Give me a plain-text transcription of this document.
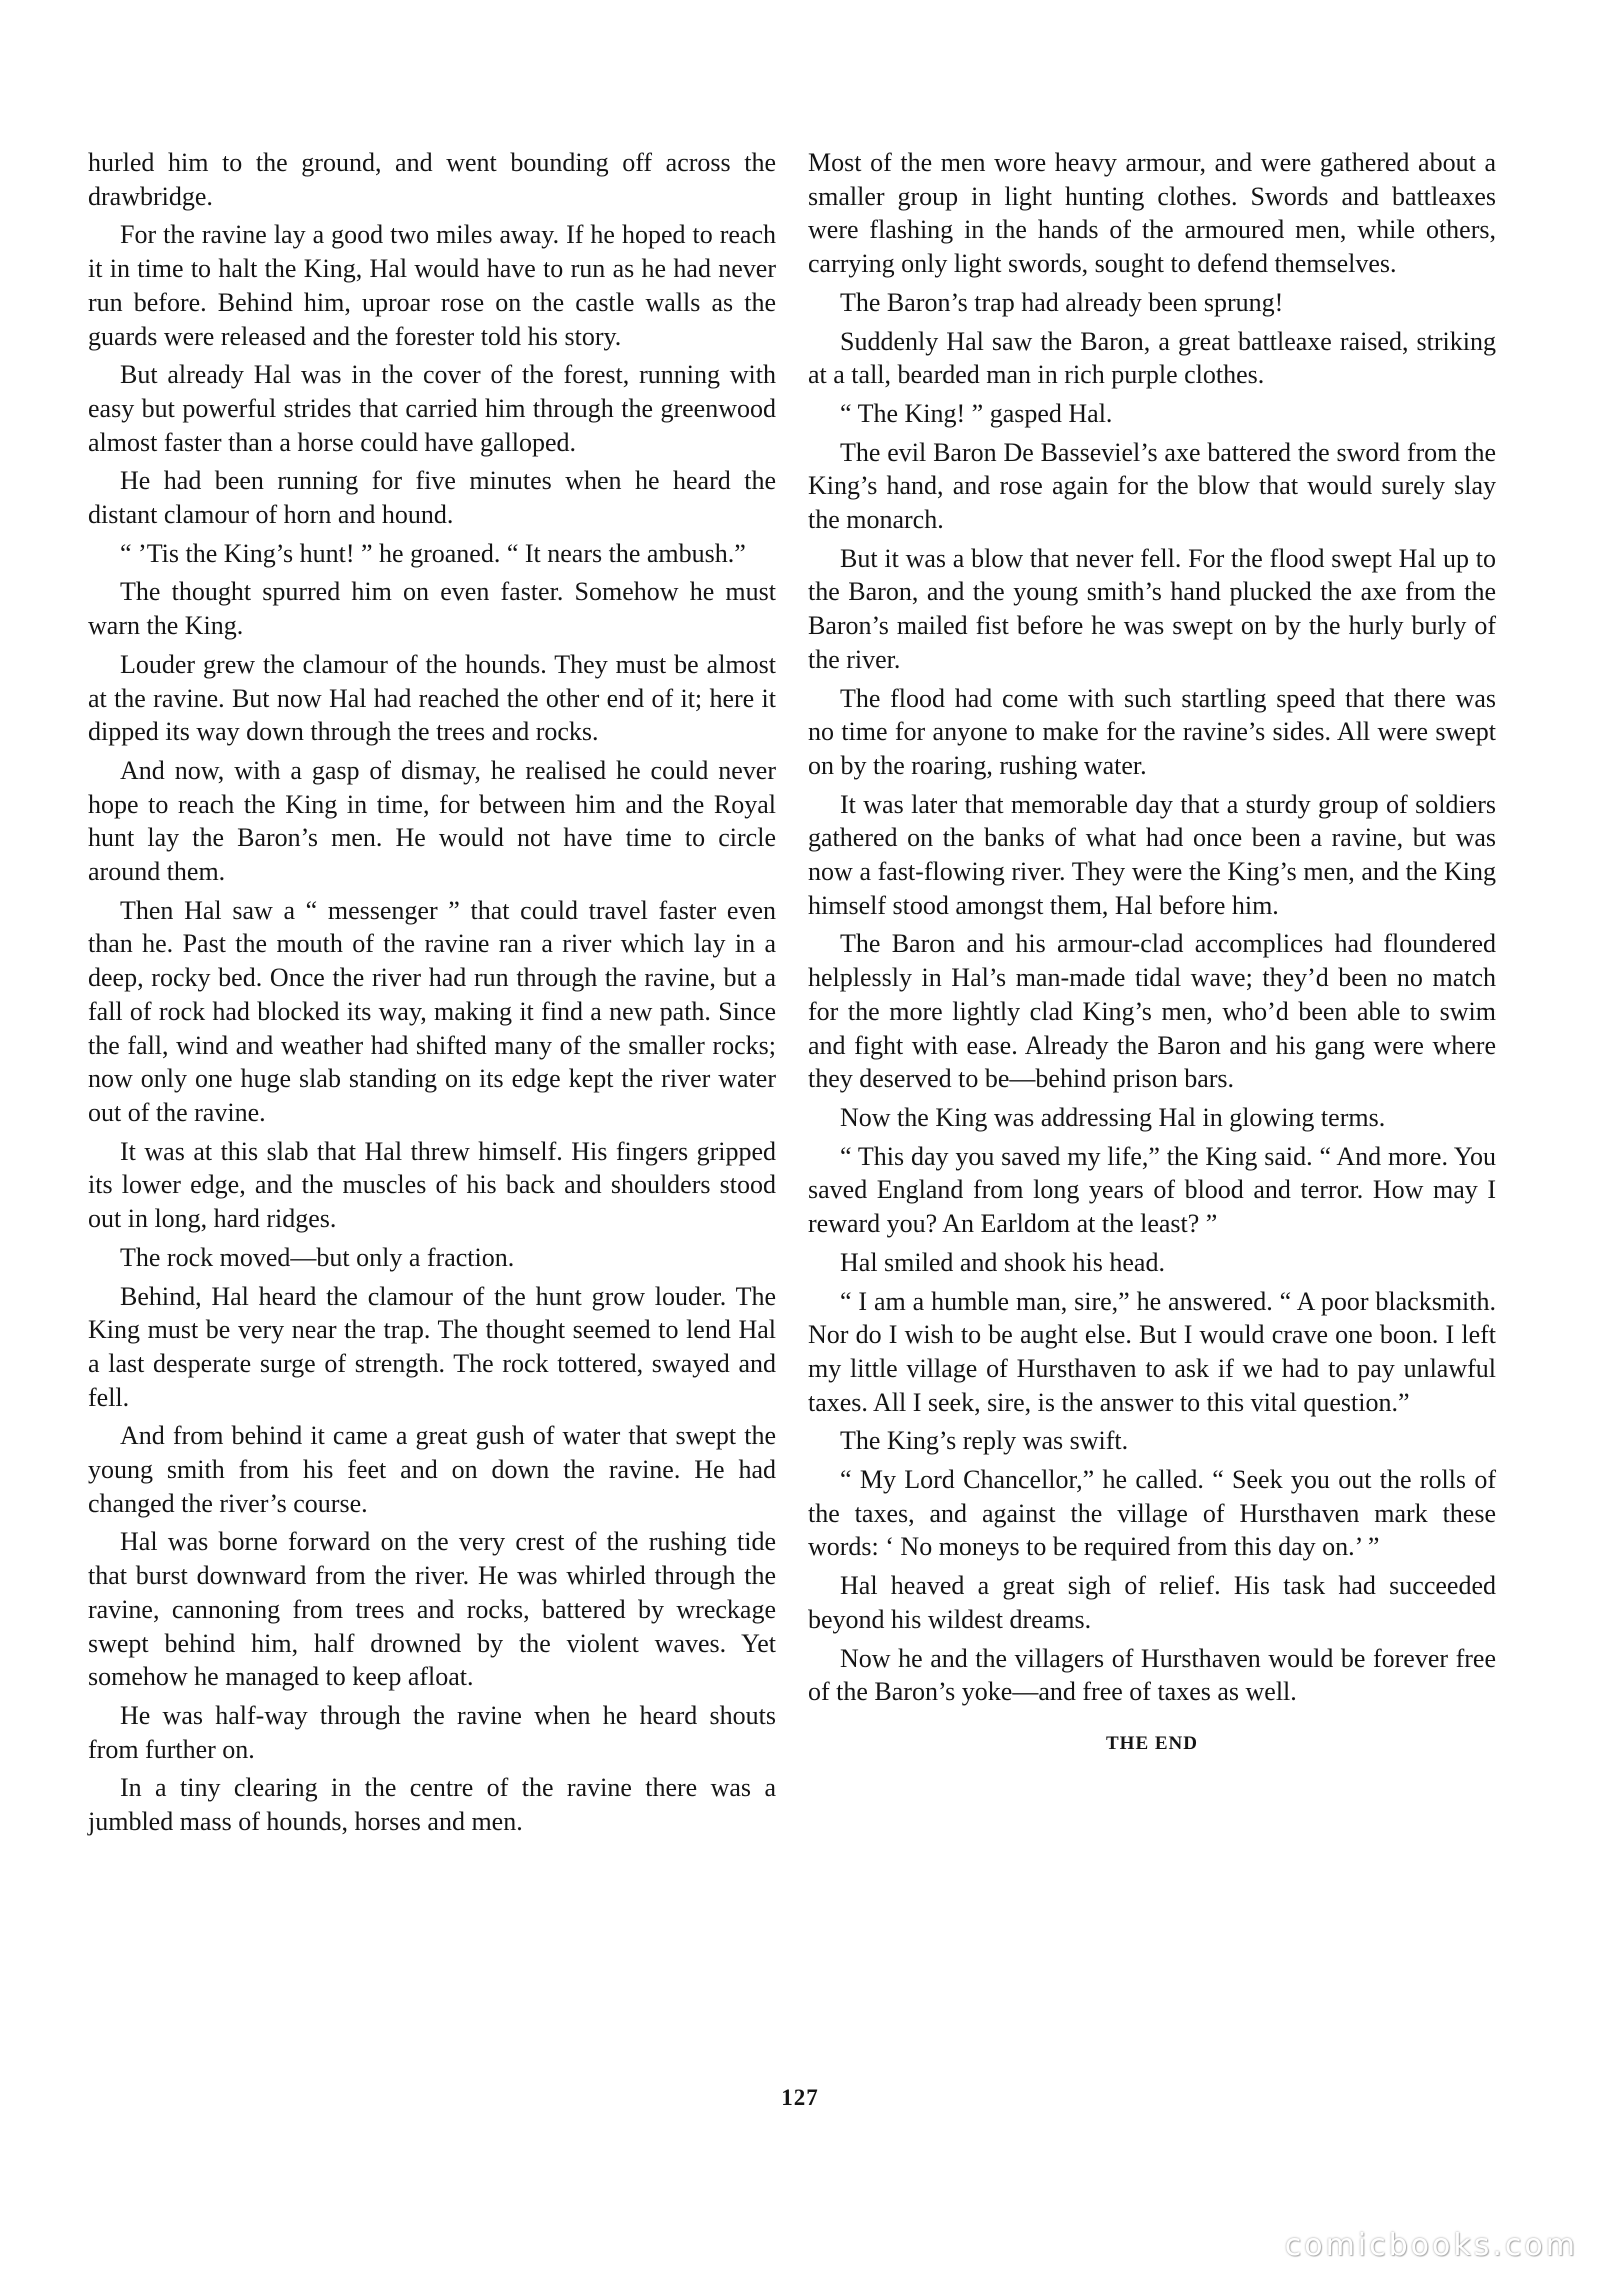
hurled him to the ground, and went bounding off across the drawbridge.

For the ravine lay a good two miles away. If he hoped to reach it in time to halt the King, Hal would have to run as he had never run before. Behind him, uproar rose on the castle walls as the guards were released and the forester told his story.

But already Hal was in the cover of the forest, running with easy but powerful strides that carried him through the greenwood almost faster than a horse could have galloped.

He had been running for five minutes when he heard the distant clamour of horn and hound.

“ ’Tis the King’s hunt! ” he groaned. “ It nears the ambush.”

The thought spurred him on even faster. Somehow he must warn the King.

Louder grew the clamour of the hounds. They must be almost at the ravine. But now Hal had reached the other end of it; here it dipped its way down through the trees and rocks.

And now, with a gasp of dismay, he realised he could never hope to reach the King in time, for between him and the Royal hunt lay the Baron’s men. He would not have time to circle around them.

Then Hal saw a “ messenger ” that could travel faster even than he. Past the mouth of the ravine ran a river which lay in a deep, rocky bed. Once the river had run through the ravine, but a fall of rock had blocked its way, making it find a new path. Since the fall, wind and weather had shifted many of the smaller rocks; now only one huge slab standing on its edge kept the river water out of the ravine.

It was at this slab that Hal threw himself. His fingers gripped its lower edge, and the muscles of his back and shoulders stood out in long, hard ridges.

The rock moved—but only a fraction.

Behind, Hal heard the clamour of the hunt grow louder. The King must be very near the trap. The thought seemed to lend Hal a last desperate surge of strength. The rock tottered, swayed and fell.

And from behind it came a great gush of water that swept the young smith from his feet and on down the ravine. He had changed the river’s course.

Hal was borne forward on the very crest of the rushing tide that burst downward from the river. He was whirled through the ravine, cannoning from trees and rocks, battered by wreckage swept behind him, half drowned by the violent waves. Yet somehow he managed to keep afloat.

He was half-way through the ravine when he heard shouts from further on.

In a tiny clearing in the centre of the ravine there was a jumbled mass of hounds, horses and men.

Most of the men wore heavy armour, and were gathered about a smaller group in light hunting clothes. Swords and battleaxes were flashing in the hands of the armoured men, while others, carrying only light swords, sought to defend themselves.

The Baron’s trap had already been sprung!

Suddenly Hal saw the Baron, a great battleaxe raised, striking at a tall, bearded man in rich purple clothes.

“ The King! ” gasped Hal.

The evil Baron De Basseviel’s axe battered the sword from the King’s hand, and rose again for the blow that would surely slay the monarch.

But it was a blow that never fell. For the flood swept Hal up to the Baron, and the young smith’s hand plucked the axe from the Baron’s mailed fist before he was swept on by the hurly burly of the river.

The flood had come with such startling speed that there was no time for anyone to make for the ravine’s sides. All were swept on by the roaring, rushing water.

It was later that memorable day that a sturdy group of soldiers gathered on the banks of what had once been a ravine, but was now a fast-flowing river. They were the King’s men, and the King himself stood amongst them, Hal before him.

The Baron and his armour-clad accomplices had floundered helplessly in Hal’s man-made tidal wave; they’d been no match for the more lightly clad King’s men, who’d been able to swim and fight with ease. Already the Baron and his gang were where they deserved to be—behind prison bars.

Now the King was addressing Hal in glowing terms.

“ This day you saved my life,” the King said. “ And more. You saved England from long years of blood and terror. How may I reward you? An Earldom at the least? ”

Hal smiled and shook his head.

“ I am a humble man, sire,” he answered. “ A poor blacksmith. Nor do I wish to be aught else. But I would crave one boon. I left my little village of Hursthaven to ask if we had to pay unlawful taxes. All I seek, sire, is the answer to this vital question.”

The King’s reply was swift.

“ My Lord Chancellor,” he called. “ Seek you out the rolls of the taxes, and against the village of Hursthaven mark these words: ‘ No moneys to be required from this day on.’ ”

Hal heaved a great sigh of relief. His task had succeeded beyond his wildest dreams.

Now he and the villagers of Hursthaven would be forever free of the Baron’s yoke—and free of taxes as well.

THE END

127
comicbooks.com
